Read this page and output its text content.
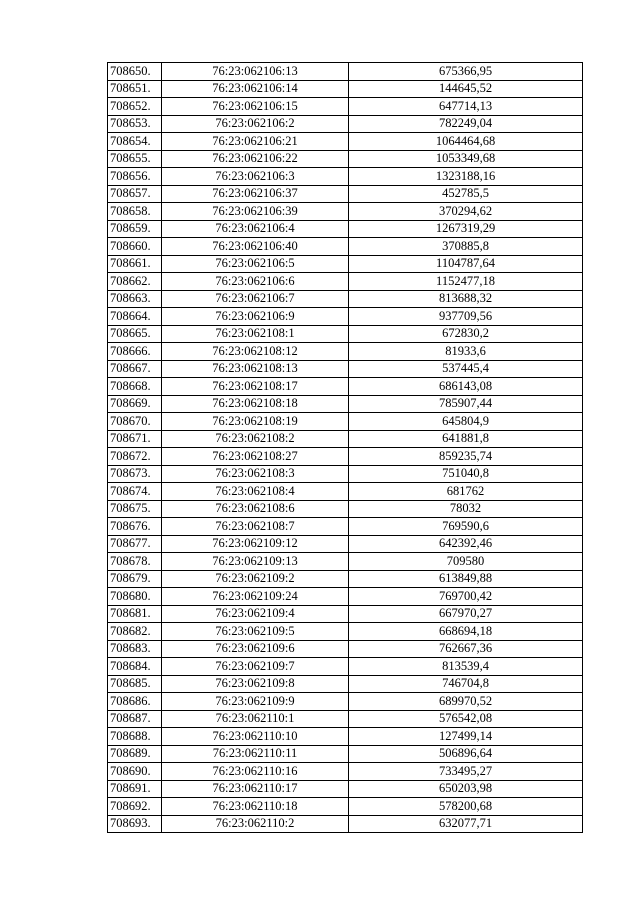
708650.	76:23:062106:13	675366,95
708651.	76:23:062106:14	144645,52
708652.	76:23:062106:15	647714,13
708653.	76:23:062106:2	782249,04
708654.	76:23:062106:21	1064464,68
708655.	76:23:062106:22	1053349,68
708656.	76:23:062106:3	1323188,16
708657.	76:23:062106:37	452785,5
708658.	76:23:062106:39	370294,62
708659.	76:23:062106:4	1267319,29
708660.	76:23:062106:40	370885,8
708661.	76:23:062106:5	1104787,64
708662.	76:23:062106:6	1152477,18
708663.	76:23:062106:7	813688,32
708664.	76:23:062106:9	937709,56
708665.	76:23:062108:1	672830,2
708666.	76:23:062108:12	81933,6
708667.	76:23:062108:13	537445,4
708668.	76:23:062108:17	686143,08
708669.	76:23:062108:18	785907,44
708670.	76:23:062108:19	645804,9
708671.	76:23:062108:2	641881,8
708672.	76:23:062108:27	859235,74
708673.	76:23:062108:3	751040,8
708674.	76:23:062108:4	681762
708675.	76:23:062108:6	78032
708676.	76:23:062108:7	769590,6
708677.	76:23:062109:12	642392,46
708678.	76:23:062109:13	709580
708679.	76:23:062109:2	613849,88
708680.	76:23:062109:24	769700,42
708681.	76:23:062109:4	667970,27
708682.	76:23:062109:5	668694,18
708683.	76:23:062109:6	762667,36
708684.	76:23:062109:7	813539,4
708685.	76:23:062109:8	746704,8
708686.	76:23:062109:9	689970,52
708687.	76:23:062110:1	576542,08
708688.	76:23:062110:10	127499,14
708689.	76:23:062110:11	506896,64
708690.	76:23:062110:16	733495,27
708691.	76:23:062110:17	650203,98
708692.	76:23:062110:18	578200,68
708693.	76:23:062110:2	632077,71
